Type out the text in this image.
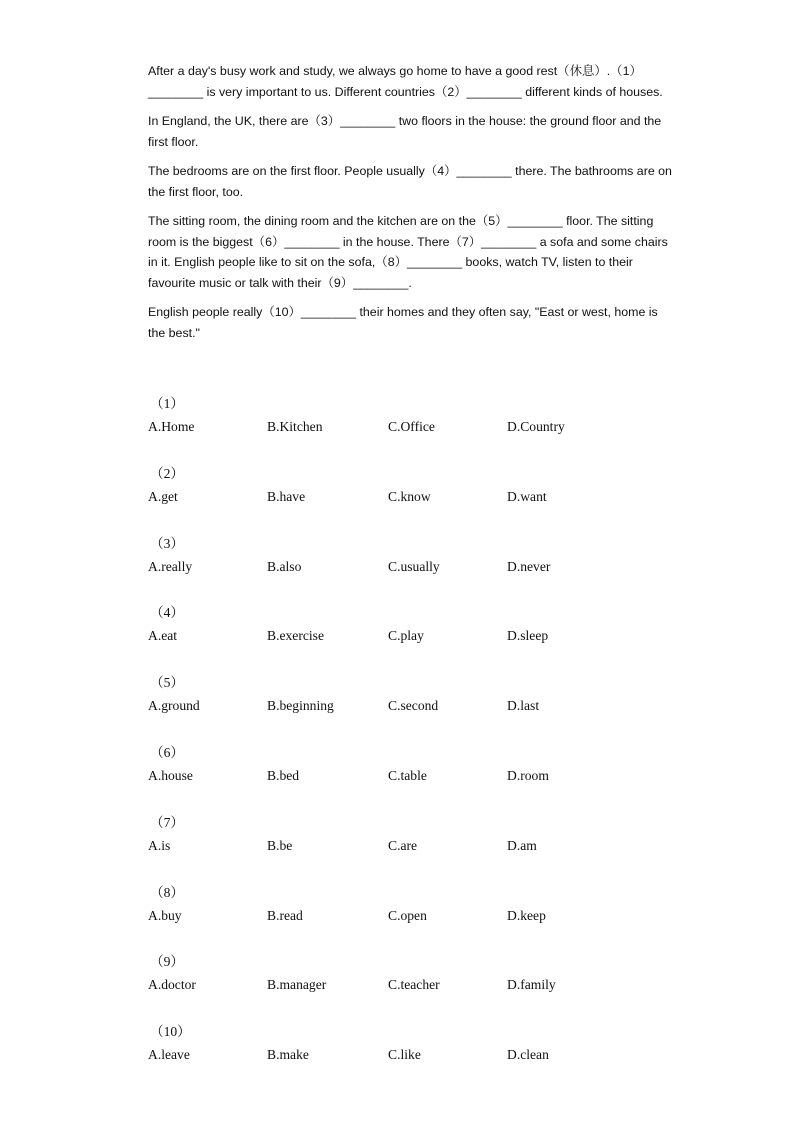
After a day's busy work and study, we always go home to have a good rest（休息）.（1）________ is very important to us. Different countries（2）________ different kinds of houses.

In England, the UK, there are（3）________ two floors in the house: the ground floor and the first floor.

The bedrooms are on the first floor. People usually（4）________ there. The bathrooms are on the first floor, too.

The sitting room, the dining room and the kitchen are on the（5）________ floor. The sitting room is the biggest（6）________ in the house. There（7）________ a sofa and some chairs in it. English people like to sit on the sofa,（8）________ books, watch TV, listen to their favourite music or talk with their（9）________.

English people really（10）________ their homes and they often say, "East or west, home is the best."

（1）
A.Home	B.Kitchen	C.Office	D.Country
（2）
A.get	B.have	C.know	D.want
（3）
A.really	B.also	C.usually	D.never
（4）
A.eat	B.exercise	C.play	D.sleep
（5）
A.ground	B.beginning	C.second	D.last
（6）
A.house	B.bed	C.table	D.room
（7）
A.is	B.be	C.are	D.am
（8）
A.buy	B.read	C.open	D.keep
（9）
A.doctor	B.manager	C.teacher	D.family
（10）
A.leave	B.make	C.like	D.clean
